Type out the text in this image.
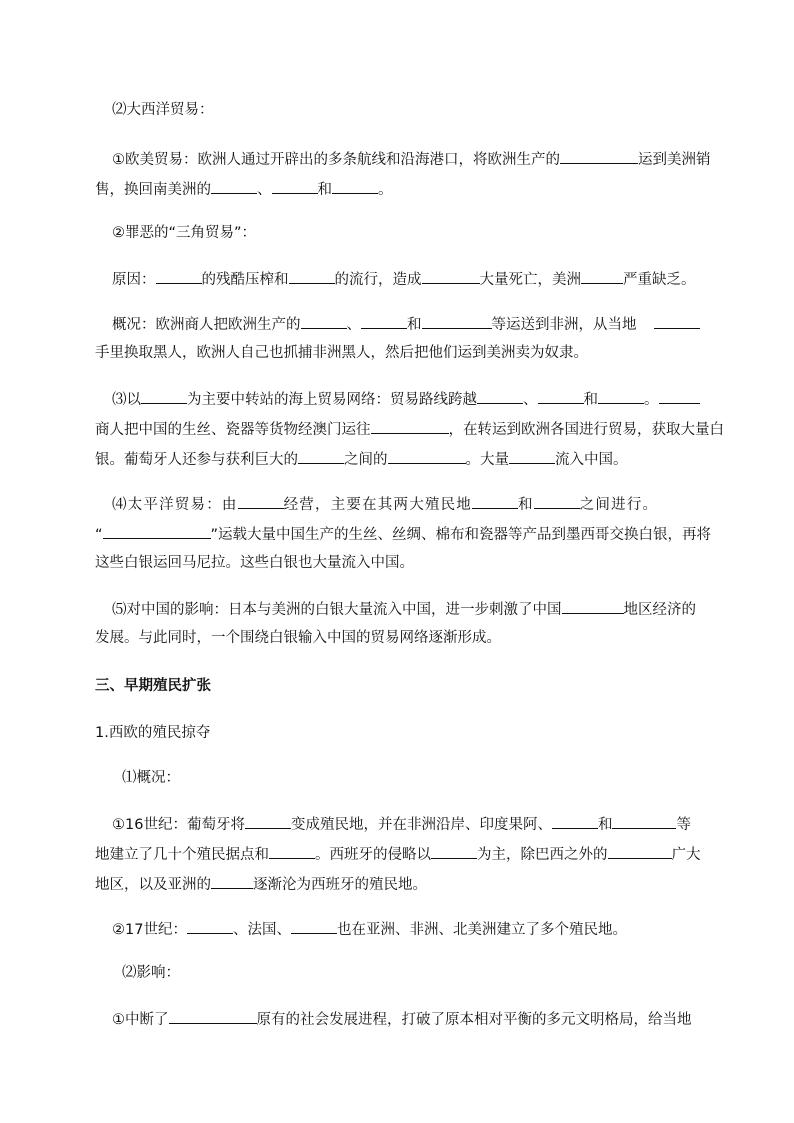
⑵大西洋贸易：
①欧美贸易：欧洲人通过开辟出的多条航线和沿海港口，将欧洲生产的	运到美洲销
售，换回南美洲的	、	和	。
②罪恶的“三角贸易”：
原因：	的残酷压榨和	的流行，造成	大量死亡，美洲	严重缺乏。
概况：欧洲商人把欧洲生产的	、	和	等运送到非洲，从当地
手里换取黑人，欧洲人自己也抓捕非洲黑人，然后把他们运到美洲卖为奴隶。
⑶以	为主要中转站的海上贸易网络：贸易路线跨越	、	和	。
商人把中国的生丝、瓷器等货物经澳门运往	，在转运到欧洲各国进行贸易，获取大量白
银。葡萄牙人还参与获利巨大的	之间的	。大量	流入中国。
⑷太平洋贸易：由	经营，主要在其两大殖民地	和	之间进行。
“	”运载大量中国生产的生丝、丝绸、棉布和瓷器等产品到墨西哥交换白银，再将
这些白银运回马尼拉。这些白银也大量流入中国。
⑸对中国的影响：日本与美洲的白银大量流入中国，进一步刺激了中国	地区经济的
发展。与此同时，一个围绕白银输入中国的贸易网络逐渐形成。
三、早期殖民扩张
1.西欧的殖民掠夺
⑴概况：
①16世纪：葡萄牙将	变成殖民地，并在非洲沿岸、印度果阿、	和	等
地建立了几十个殖民据点和	。西班牙的侵略以	为主，除巴西之外的	广大
地区，以及亚洲的	逐渐沦为西班牙的殖民地。
②17世纪：	、法国、	也在亚洲、非洲、北美洲建立了多个殖民地。
⑵影响：
①中断了	原有的社会发展进程，打破了原本相对平衡的多元文明格局，给当地
